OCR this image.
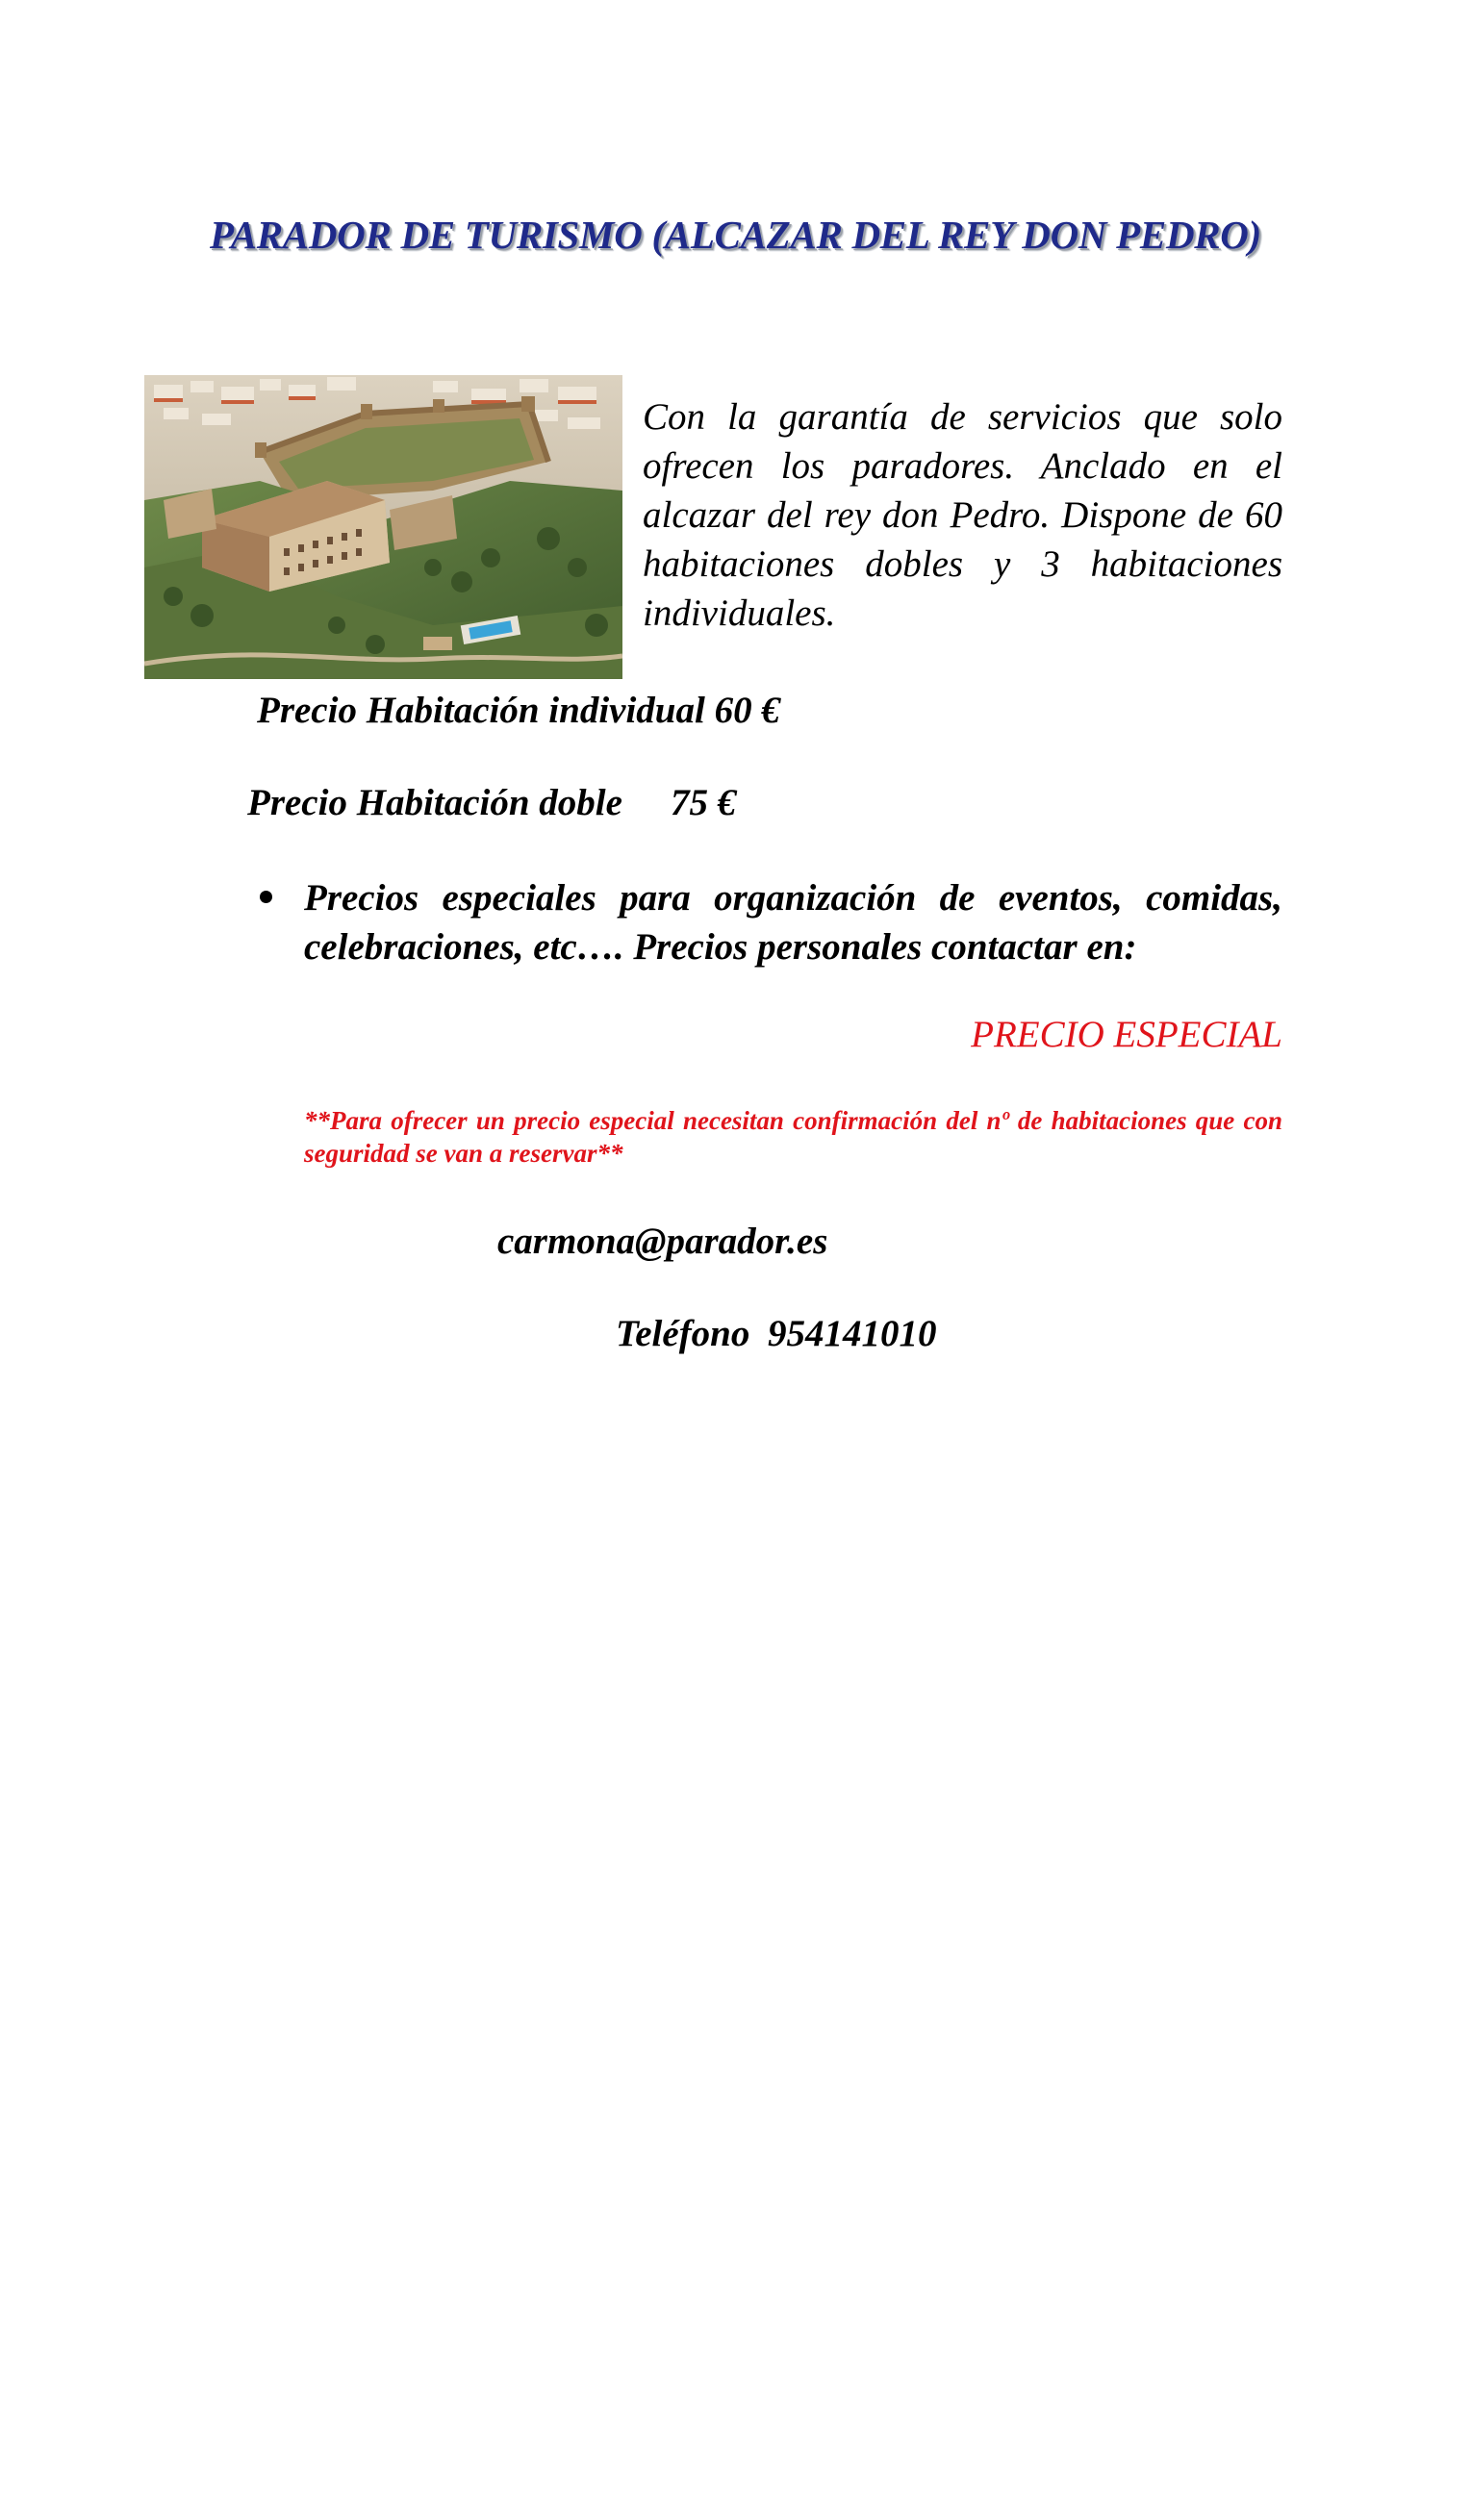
PARADOR DE TURISMO (ALCAZAR DEL REY DON PEDRO)
Con la garantía de servicios que solo ofrecen los paradores. Anclado en el alcazar del rey don Pedro. Dispone de 60 habitaciones dobles y 3 habitaciones individuales.
Precio Habitación individual 60 €
Precio Habitación doble 75 €
Precios especiales para organización de eventos, comidas, celebraciones, etc…. Precios personales contactar en:
PRECIO ESPECIAL
**Para ofrecer un precio especial necesitan confirmación del nº de habitaciones que con seguridad se van a reservar**
carmona@parador.es
Teléfono 954141010
